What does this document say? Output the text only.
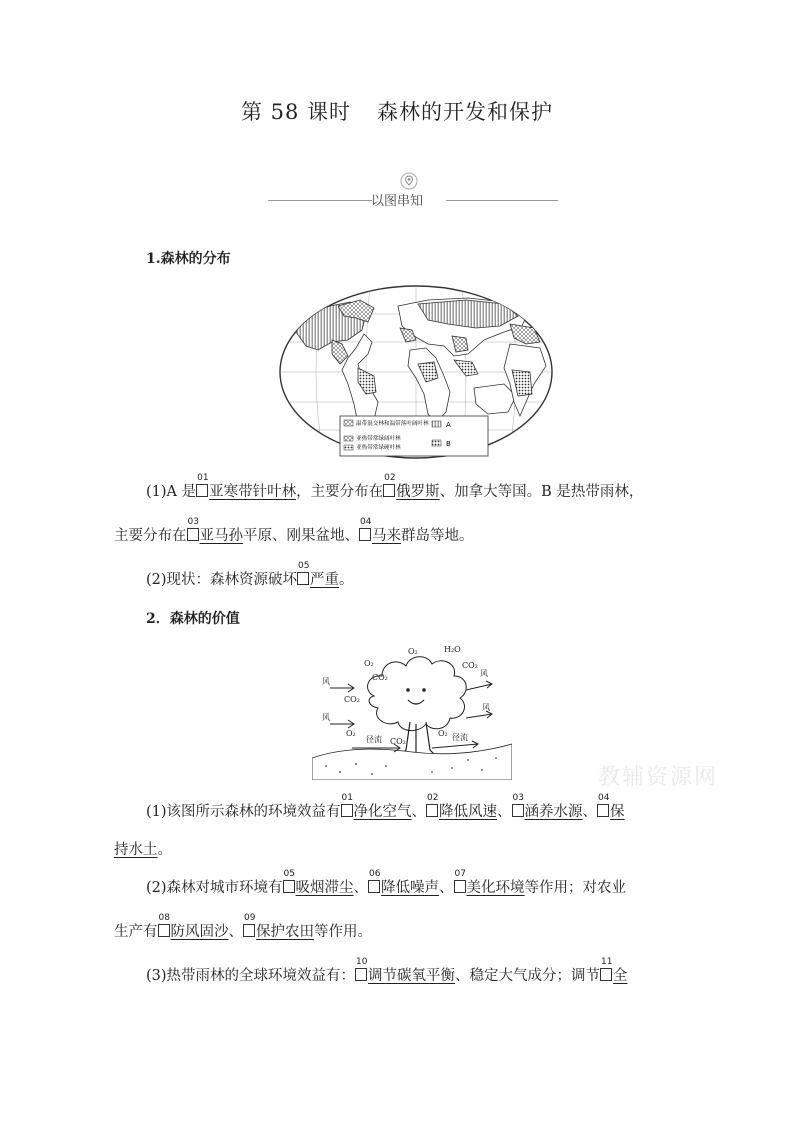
第 58 课时 森林的开发和保护
以图串知
1.森林的分布
温带混交林和温带落叶阔叶林
亚热带常绿阔叶林
亚热带常绿硬叶林
A
B
(1)A 是
01
亚寒带针叶林，主要分布在
02
俄罗斯、加拿大等国。B 是热带雨林，
主要分布在
03
亚马孙平原、刚果盆地、
04
马来群岛等地。
(2)现状：森林资源破坏
05
严重。
2．森林的价值
风
风
风
风
CO₂
O₂
O₂
O₂	H₂O
CO₂
CO₂
CO₂
O₂
径流	径流
教辅资源网
(1)该图所示森林的环境效益有
01
净化空气、
02
降低风速、
03
涵养水源、
04
保
持水土。
(2)森林对城市环境有
05
吸烟滞尘、
06
降低噪声、
07
美化环境等作用；对农业
生产有
08
防风固沙、
09
保护农田等作用。
(3)热带雨林的全球环境效益有：
10
调节碳氧平衡、稳定大气成分；调节
11
全
